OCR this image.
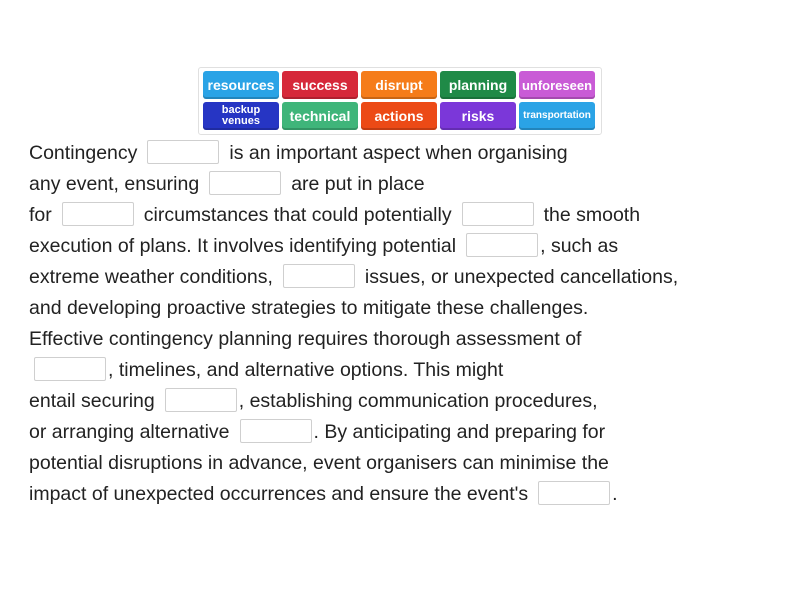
resources	success	disrupt	planning	unforeseen
backup venues	technical	actions	risks	transportation
Contingency	is an important aspect when organising
any event, ensuring	are put in place
for	circumstances that could potentially	the smooth
execution of plans. It involves identifying potential	, such as
extreme weather conditions,	issues, or unexpected cancellations,
and developing proactive strategies to mitigate these challenges.
Effective contingency planning requires thorough assessment of
, timelines, and alternative options. This might
entail securing	, establishing communication procedures,
or arranging alternative	. By anticipating and preparing for
potential disruptions in advance, event organisers can minimise the
impact of unexpected occurrences and ensure the event's	.
